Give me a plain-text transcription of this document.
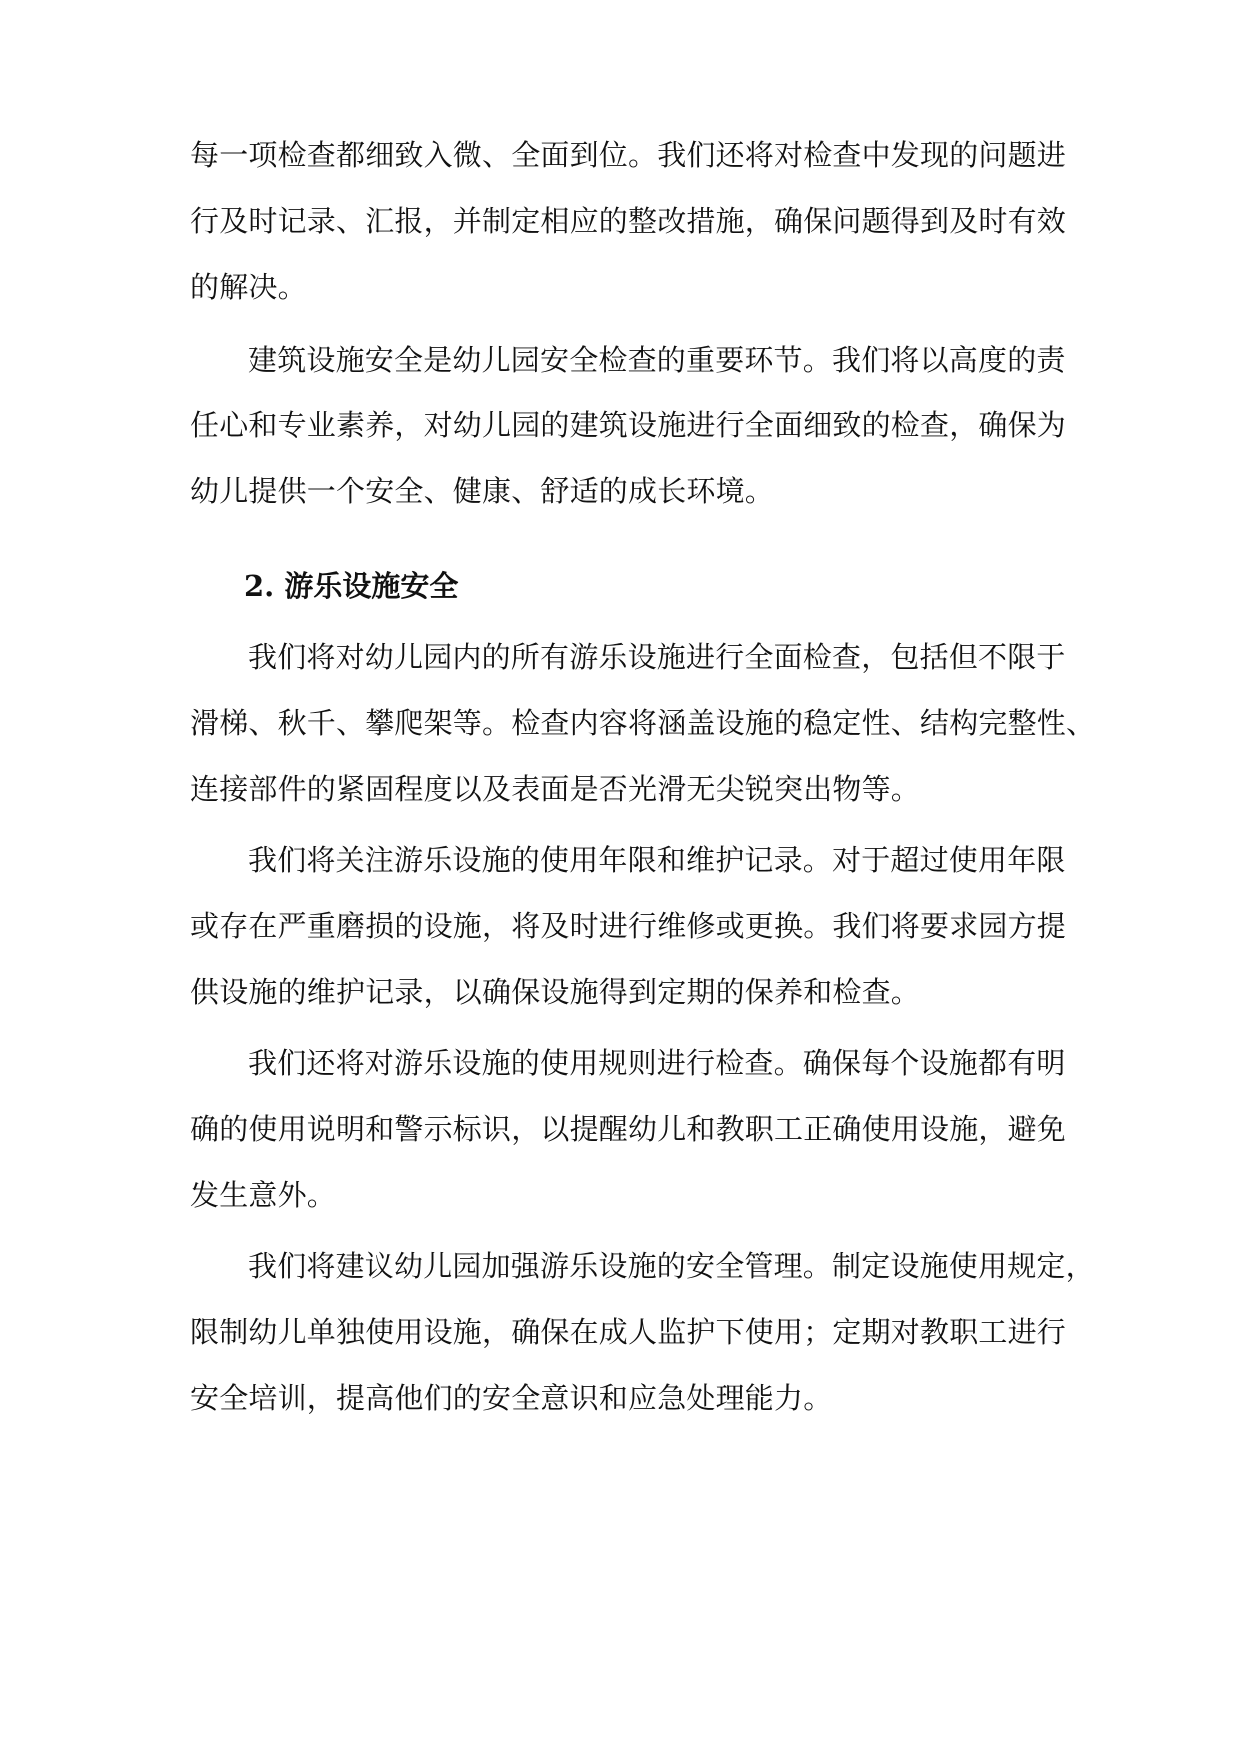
每一项检查都细致入微、全面到位。我们还将对检查中发现的问题进
行及时记录、汇报，并制定相应的整改措施，确保问题得到及时有效
的解决。
建筑设施安全是幼儿园安全检查的重要环节。我们将以高度的责
任心和专业素养，对幼儿园的建筑设施进行全面细致的检查，确保为
幼儿提供一个安全、健康、舒适的成长环境。
2. 游乐设施安全
我们将对幼儿园内的所有游乐设施进行全面检查，包括但不限于
滑梯、秋千、攀爬架等。检查内容将涵盖设施的稳定性、结构完整性、
连接部件的紧固程度以及表面是否光滑无尖锐突出物等。
我们将关注游乐设施的使用年限和维护记录。对于超过使用年限
或存在严重磨损的设施，将及时进行维修或更换。我们将要求园方提
供设施的维护记录，以确保设施得到定期的保养和检查。
我们还将对游乐设施的使用规则进行检查。确保每个设施都有明
确的使用说明和警示标识，以提醒幼儿和教职工正确使用设施，避免
发生意外。
我们将建议幼儿园加强游乐设施的安全管理。制定设施使用规定，
限制幼儿单独使用设施，确保在成人监护下使用；定期对教职工进行
安全培训，提高他们的安全意识和应急处理能力。
